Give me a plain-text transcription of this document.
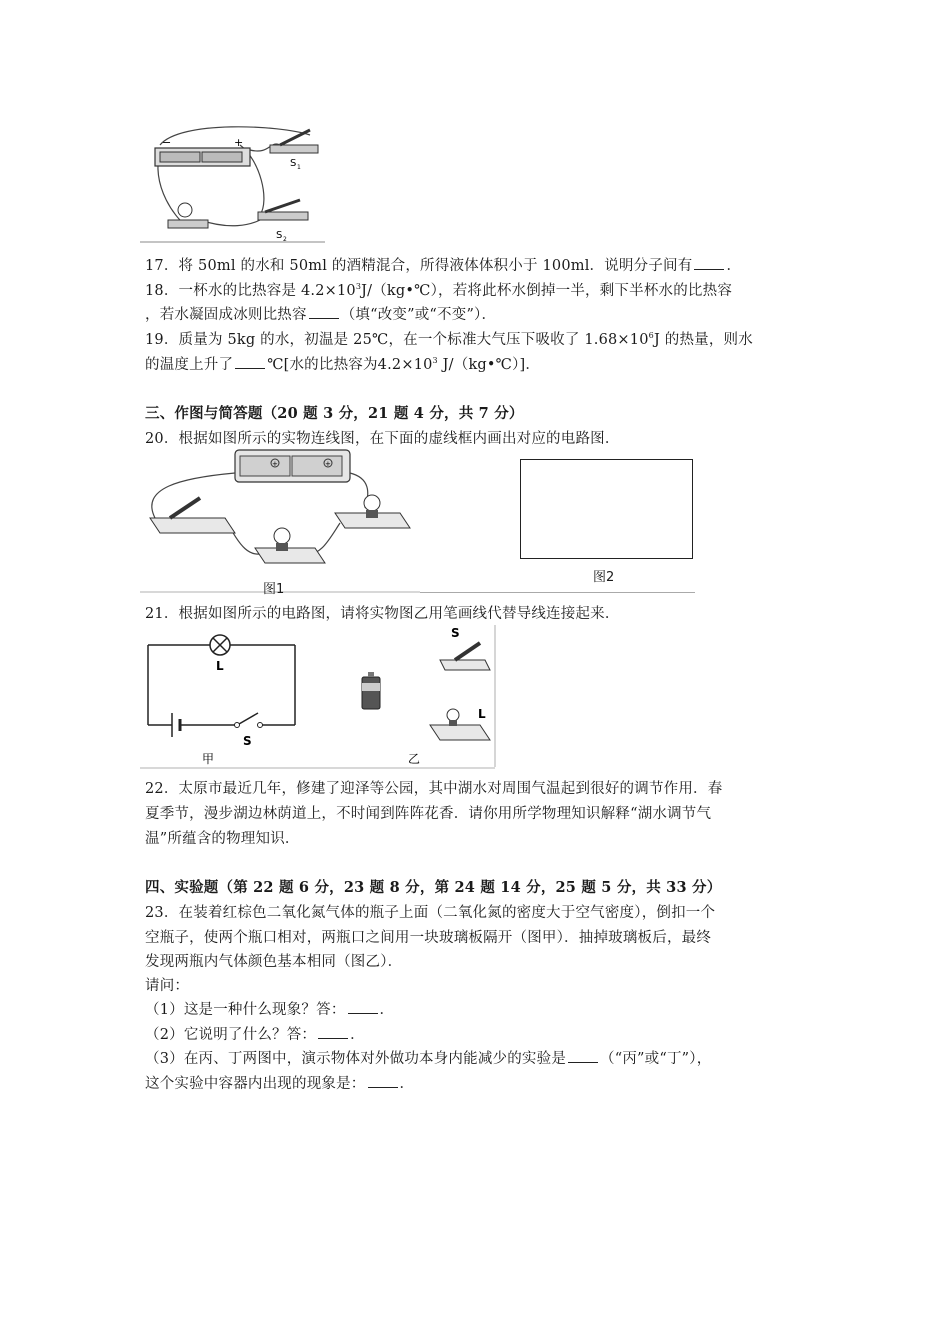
−	+
S 1
S 2
17．将 50ml 的水和 50ml 的酒精混合，所得液体体积小于 100ml．说明分子间有 ．
18．一杯水的比热容是 $4.2\times 10^3J/(kg•℃)$，若将此杯水倒掉一半，剩下半杯水的比热容
，若水凝固成冰则比热容 （填“改变”或“不变”）．
19．质量为 5kg 的水，初温是 25℃，在一个标准大气压下吸收了 $1.68\times 10^6J$ 的热量，则水
的温度上升了 ℃[水的比热容为$4.2\times 10^3$ J/（kg•℃）]．
三、作图与简答题（20 题 3 分，21 题 4 分，共 7 分）
20．根据如图所示的实物连线图，在下面的虚线框内画出对应的电路图．
+	+
图1
图2
21．根据如图所示的电路图，请将实物图乙用笔画线代替导线连接起来．
L
S
甲	乙
S
L
22．太原市最近几年，修建了迎泽等公园，其中湖水对周围气温起到很好的调节作用．春
夏季节，漫步湖边林荫道上，不时闻到阵阵花香．请你用所学物理知识解释“湖水调节气
温”所蕴含的物理知识．
四、实验题（第 22 题 6 分，23 题 8 分，第 24 题 14 分，25 题 5 分，共 33 分）
23．在装着红棕色二氧化氮气体的瓶子上面（二氧化氮的密度大于空气密度），倒扣一个
空瓶子，使两个瓶口相对，两瓶口之间用一块玻璃板隔开（图甲）．抽掉玻璃板后，最终
发现两瓶内气体颜色基本相同（图乙）．
请问：
（1）这是一种什么现象？答： ．
（2）它说明了什么？答： ．
（3）在丙、丁两图中，演示物体对外做功本身内能减少的实验是 （“丙”或“丁”），
这个实验中容器内出现的现象是： ．
